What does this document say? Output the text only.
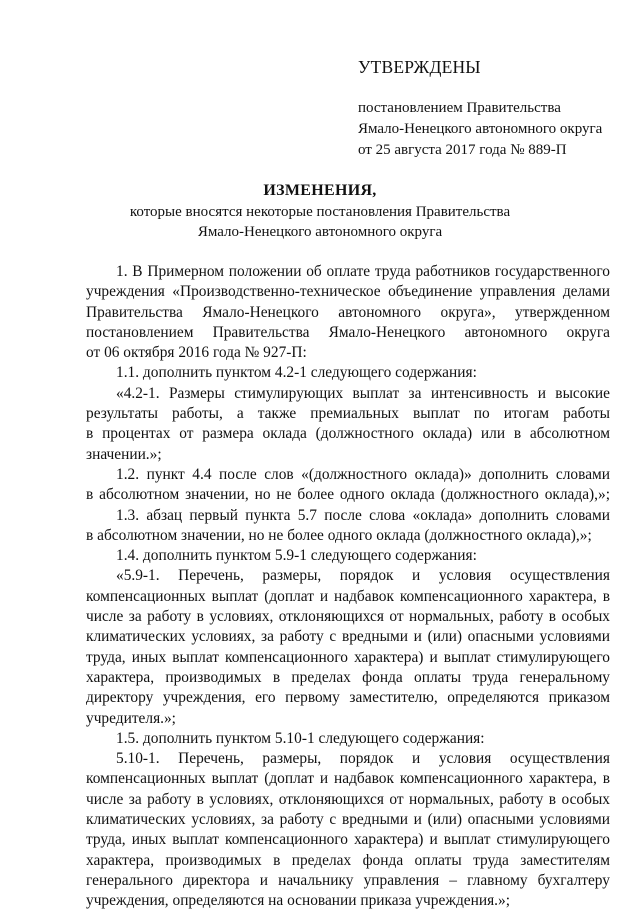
УТВЕРЖДЕНЫ
постановлением Правительства
Ямало-Ненецкого автономного округа
от 25 августа 2017 года № 889-П
ИЗМЕНЕНИЯ,
которые вносятся некоторые постановления Правительства
Ямало-Ненецкого автономного округа
1. В Примерном положении об оплате труда работников государственного
учреждения «Производственно-техническое объединение управления делами
Правительства Ямало-Ненецкого автономного округа», утвержденном
постановлением Правительства Ямало-Ненецкого автономного округа
от 06 октября 2016 года № 927-П:
1.1. дополнить пунктом 4.2-1 следующего содержания:
«4.2-1. Размеры стимулирующих выплат за интенсивность и высокие
результаты работы, а также премиальных выплат по итогам работы
в процентах от размера оклада (должностного оклада) или в абсолютном
значении.»;
1.2. пункт 4.4 после слов «(должностного оклада)» дополнить словами
в абсолютном значении, но не более одного оклада (должностного оклада),»;
1.3. абзац первый пункта 5.7 после слова «оклада» дополнить словами
в абсолютном значении, но не более одного оклада (должностного оклада),»;
1.4. дополнить пунктом 5.9-1 следующего содержания:
«5.9-1. Перечень, размеры, порядок и условия осуществления
компенсационных выплат (доплат и надбавок компенсационного характера, в
числе за работу в условиях, отклоняющихся от нормальных, работу в особых
климатических условиях, за работу с вредными и (или) опасными условиями
труда, иных выплат компенсационного характера) и выплат стимулирующего
характера, производимых в пределах фонда оплаты труда генеральному
директору учреждения, его первому заместителю, определяются приказом
учредителя.»;
1.5. дополнить пунктом 5.10-1 следующего содержания:
5.10-1. Перечень, размеры, порядок и условия осуществления
компенсационных выплат (доплат и надбавок компенсационного характера, в
числе за работу в условиях, отклоняющихся от нормальных, работу в особых
климатических условиях, за работу с вредными и (или) опасными условиями
труда, иных выплат компенсационного характера) и выплат стимулирующего
характера, производимых в пределах фонда оплаты труда заместителям
генерального директора и начальнику управления – главному бухгалтеру
учреждения, определяются на основании приказа учреждения.»;
